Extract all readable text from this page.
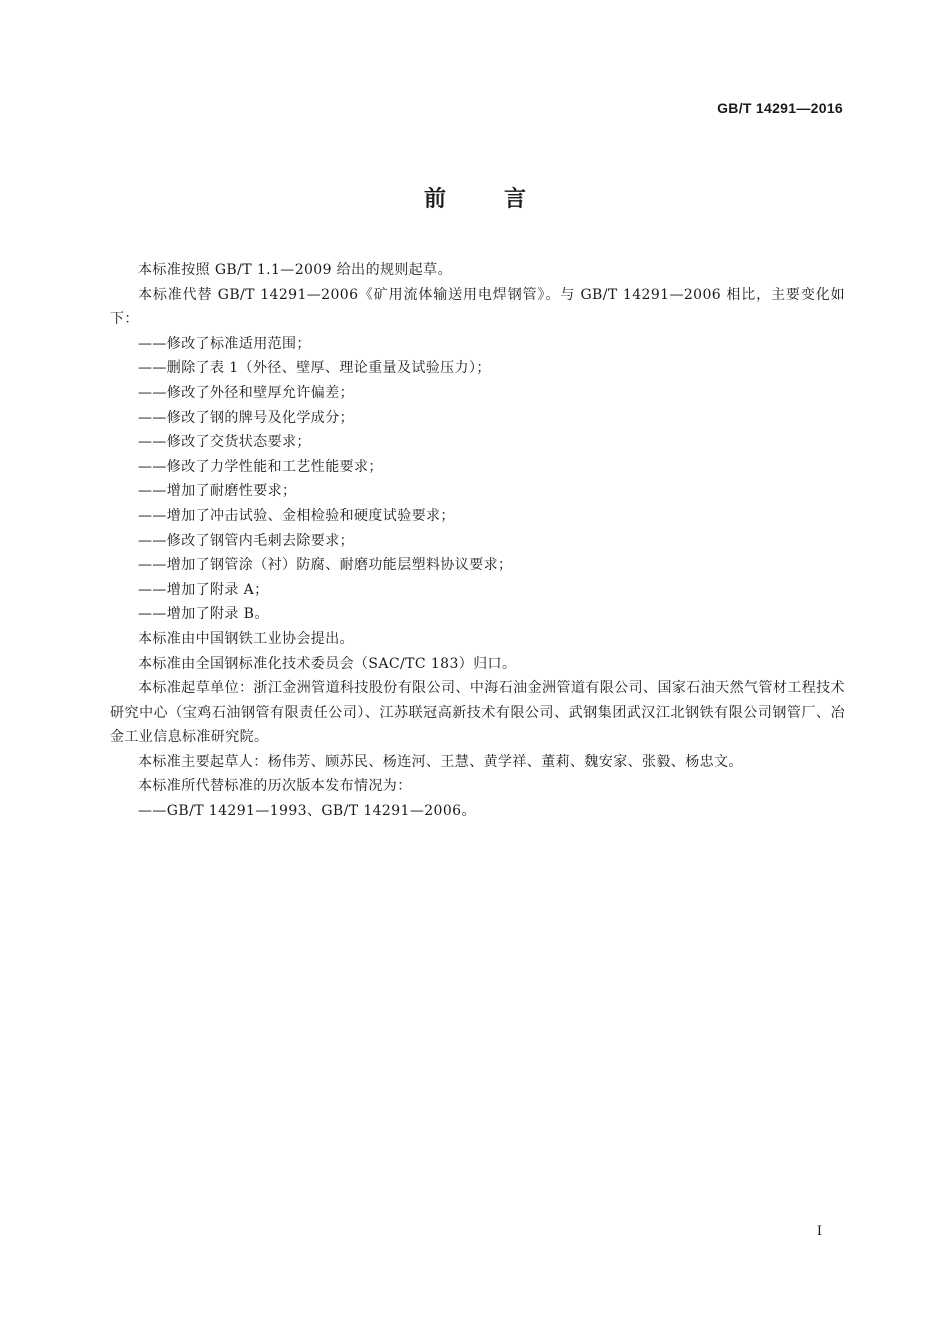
GB/T 14291—2016
前言

本标准按照 GB/T 1.1—2009 给出的规则起草。

本标准代替 GB/T 14291—2006《矿用流体输送用电焊钢管》。与 GB/T 14291—2006 相比，主要变化如下：

——修改了标准适用范围；

——删除了表 1（外径、壁厚、理论重量及试验压力）；

——修改了外径和壁厚允许偏差；

——修改了钢的牌号及化学成分；

——修改了交货状态要求；

——修改了力学性能和工艺性能要求；

——增加了耐磨性要求；

——增加了冲击试验、金相检验和硬度试验要求；

——修改了钢管内毛刺去除要求；

——增加了钢管涂（衬）防腐、耐磨功能层塑料协议要求；

——增加了附录 A；

——增加了附录 B。

本标准由中国钢铁工业协会提出。

本标准由全国钢标准化技术委员会（SAC/TC 183）归口。

本标准起草单位：浙江金洲管道科技股份有限公司、中海石油金洲管道有限公司、国家石油天然气管材工程技术研究中心（宝鸡石油钢管有限责任公司）、江苏联冠高新技术有限公司、武钢集团武汉江北钢铁有限公司钢管厂、冶金工业信息标准研究院。

本标准主要起草人：杨伟芳、顾苏民、杨连河、王慧、黄学祥、董莉、魏安家、张毅、杨忠文。

本标准所代替标准的历次版本发布情况为：

——GB/T 14291—1993、GB/T 14291—2006。

I
